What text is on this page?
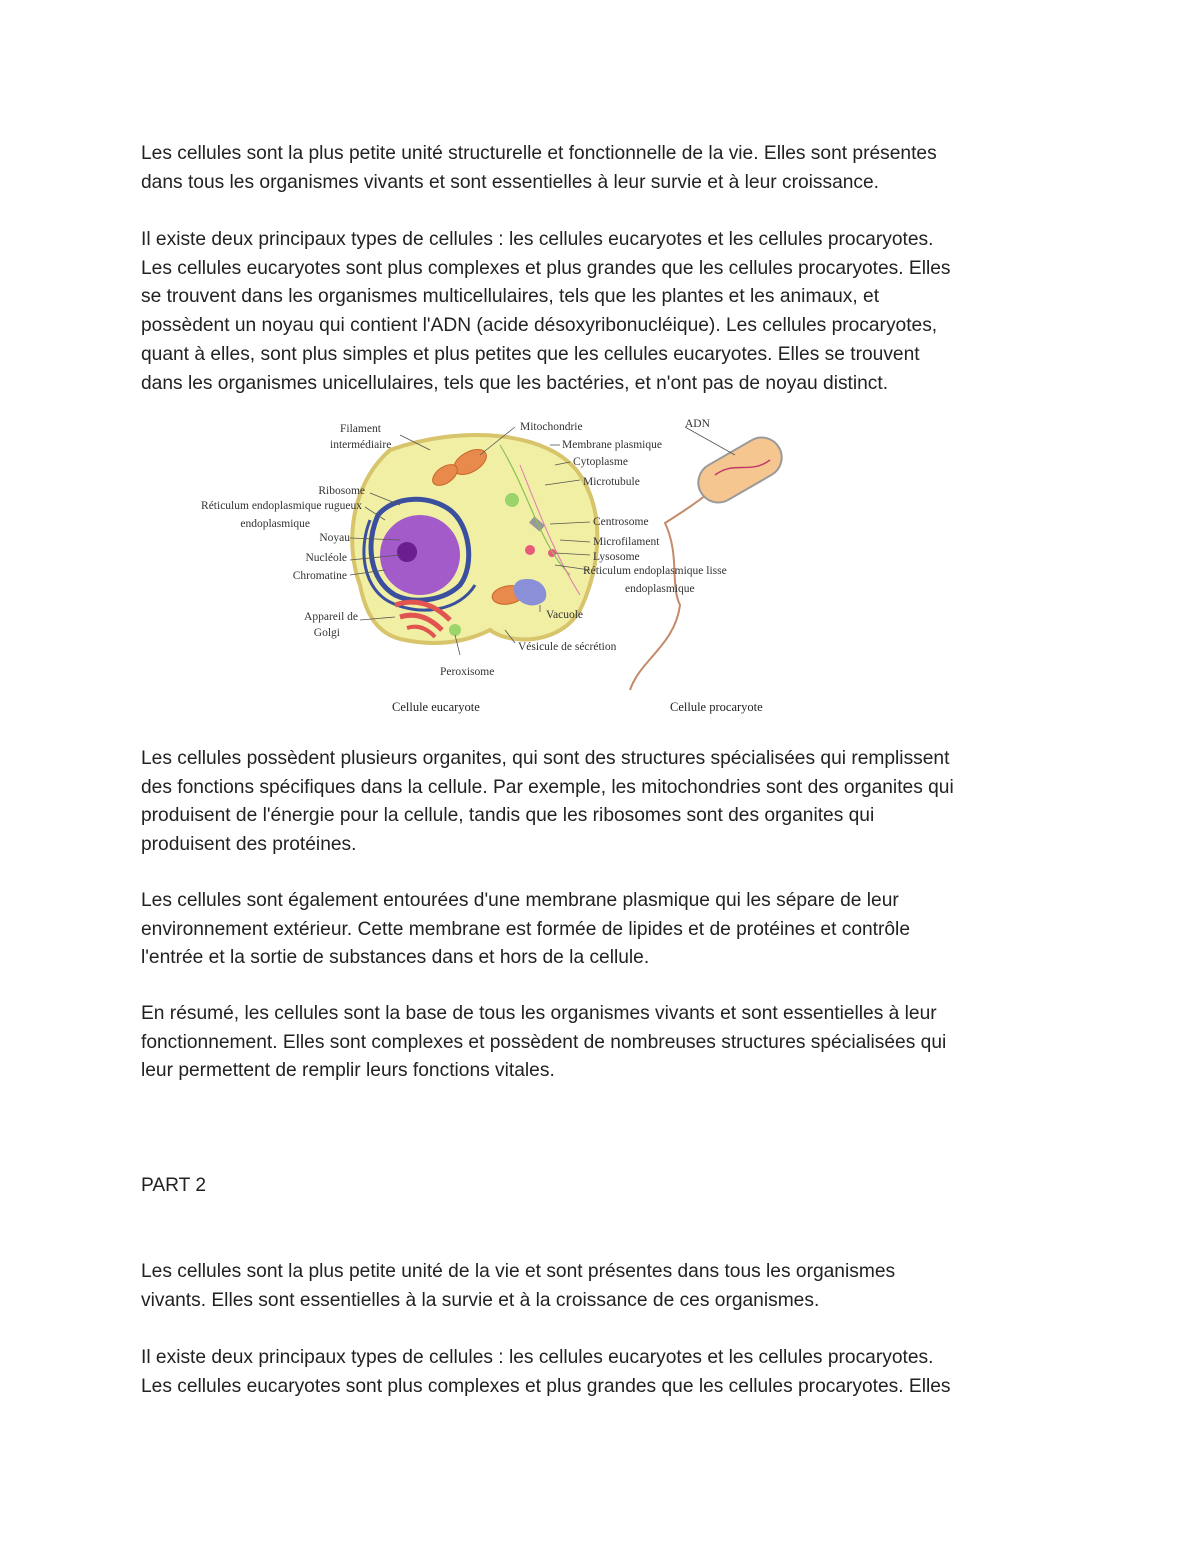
Les cellules sont la plus petite unité structurelle et fonctionnelle de la vie. Elles sont présentes
dans tous les organismes vivants et sont essentielles à leur survie et à leur croissance.

Il existe deux principaux types de cellules : les cellules eucaryotes et les cellules procaryotes.
Les cellules eucaryotes sont plus complexes et plus grandes que les cellules procaryotes. Elles
se trouvent dans les organismes multicellulaires, tels que les plantes et les animaux, et
possèdent un noyau qui contient l'ADN (acide désoxyribonucléique). Les cellules procaryotes,
quant à elles, sont plus simples et plus petites que les cellules eucaryotes. Elles se trouvent
dans les organismes unicellulaires, tels que les bactéries, et n'ont pas de noyau distinct.

Filament
intermédiaire
Ribosome
Réticulum endoplasmique rugueux
endoplasmique
Noyau
Nucléole
Chromatine
Appareil de
Golgi
Peroxisome
Mitochondrie
Membrane plasmique
Cytoplasme
Microtubule
Centrosome
Microfilament
Lysosome
Réticulum endoplasmique lisse
endoplasmique
Vacuole
Vésicule de sécrétion
ADN
Cellule eucaryote	Cellule procaryote

Les cellules possèdent plusieurs organites, qui sont des structures spécialisées qui remplissent
des fonctions spécifiques dans la cellule. Par exemple, les mitochondries sont des organites qui
produisent de l'énergie pour la cellule, tandis que les ribosomes sont des organites qui
produisent des protéines.

Les cellules sont également entourées d'une membrane plasmique qui les sépare de leur
environnement extérieur. Cette membrane est formée de lipides et de protéines et contrôle
l'entrée et la sortie de substances dans et hors de la cellule.

En résumé, les cellules sont la base de tous les organismes vivants et sont essentielles à leur
fonctionnement. Elles sont complexes et possèdent de nombreuses structures spécialisées qui
leur permettent de remplir leurs fonctions vitales.

PART 2

Les cellules sont la plus petite unité de la vie et sont présentes dans tous les organismes
vivants. Elles sont essentielles à la survie et à la croissance de ces organismes.

Il existe deux principaux types de cellules : les cellules eucaryotes et les cellules procaryotes.
Les cellules eucaryotes sont plus complexes et plus grandes que les cellules procaryotes. Elles
